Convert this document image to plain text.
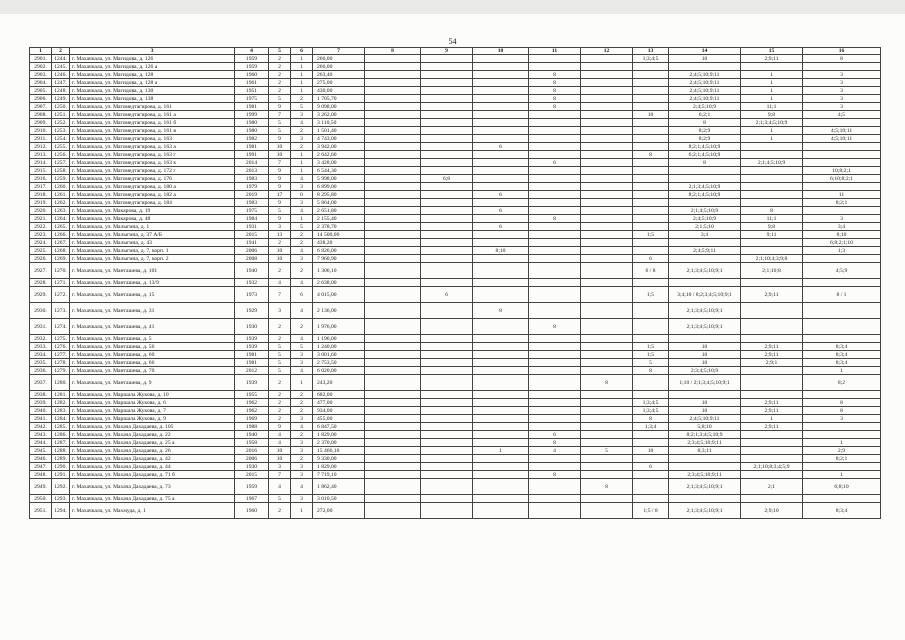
54
1	2	3	4	5	6	7	8	9	10	11	12	13	14	15	16
2901.	1244.	г. Махачкала, ул. Магидова, д. 126	1959	2	1	266,00						1;3;4;5	10	2;9;11	8
2902.	1245.	г. Махачкала, ул. Магидова, д. 126 а	1959	2	1	266,00									
2903.	1246.	г. Махачкала, ул. Магидова, д. 128	1960	2	1	263,40				8			2;4;5;10;9;11	1	3
2904.	1247.	г. Махачкала, ул. Магидова, д. 128 а	1961	2	1	275,00				8			2;4;5;10;9;11	1	3
2905.	1248.	г. Махачкала, ул. Магидова, д. 130	1951	2	1	430,00				8			2;4;5;10;9;11	1	3
2906.	1249.	г. Махачкала, ул. Магидова, д. 138	1975	5	2	1 705,70				8			2;4;5;10;9;11	1	3
2907.	1250.	г. Махачкала, ул. Магомедтагирова, д. 161	1981	9	5	9 098,00				8			2;4;5;10;9	11;1	3
2908.	1251.	г. Махачкала, ул. Магомедтагирова, д. 161 а	1999	7	3	3 262,00						10	6;2;1	9;8	4;5
2909.	1252.	г. Махачкала, ул. Магомедтагирова, д. 161 б	1980	5	4	3 110,50							8	2;1;3;4;5;10;9	
2910.	1253.	г. Махачкала, ул. Магомедтагирова, д. 161 в	1980	5	2	1 501,40							8;2;9	1	4;5;10;11
2911.	1254.	г. Махачкала, ул. Магомедтагирова, д. 163	1982	9	3	4 743,00							8;2;9	1	4;5;10;11
2912.	1255.	г. Махачкала, ул. Магомедтагирова, д. 163 а	1981	10	2	3 942,00			6				8;2;1;4;5;10;9		
2913.	1256.	г. Махачкала, ул. Магомедтагирова, д. 163 г	1991	10	1	2 642,60						8	6;2;1;4;5;10;9		
2914.	1257.	г. Махачкала, ул. Магомедтагирова, д. 163 к	2014	7	1	3 428,00				6			8	2;1;4;5;10;9	
2915.	1258.	г. Махачкала, ул. Магомедтагирова, д. 172 г	2013	9	1	6 544,30									10;8;2;1
2916.	1259.	г. Махачкала, ул. Магомедтагирова, д. 176	1983	9	4	5 998,00		6;8							6;10;8;2;1
2917.	1260.	г. Махачкала, ул. Магомедтагирова, д. 180 а	1979	9	3	6 899,00							2;1;3;4;5;10;9		
2918.	1261.	г. Махачкала, ул. Магомедтагирова, д. 182 а	2019	17	0	8 295,80			6				8;2;1;4;5;10;9		11
2919.	1262.	г. Махачкала, ул. Магомедтагирова, д. 184	1983	9	3	5 864,00									8;2;1
2920.	1263.	г. Махачкала, ул. Макарова, д. 19	1975	5	4	2 651,80			6				2;1;4;5;10;9	8	
2921.	1264.	г. Махачкала, ул. Макарова, д. 48	1984	9	1	2 155,40				8			2;4;5;10;9	11;1	3
2922.	1265.	г. Махачкала, ул. Малыгина, д. 1	1931	3	5	2 378,70			6				2;1;5;10	9;8	3;4
2923.	1266.	г. Махачкала, ул. Малыгина, д. 37 А/Б	2015	13	2	14 500,00						1;5	3;4	9;11	8;10
2924.	1267.	г. Махачкала, ул. Малыгина, д. 43	1941	2	2	438,20									6;8;2;1;10
2925.	1268.	г. Махачкала, ул. Малыгина, д. 7, корп. 1	2006	10	4	6 826,00			8;10				2;4;5;9;11		1;3
2926.	1269.	г. Махачкала, ул. Малыгина, д. 7, корп. 2	2008	10	3	7 960,90						6		2;1;10;4;3;9;8	
2927.	1270.	г. Махачкала, ул. Манташева, д. 101	1940	2	2	1 306,10						6 / 8	2;1;3;4;5;10;9;1	2;1;10;8	4;5;9
2928.	1271.	г. Махачкала, ул. Манташева, д. 13/9	1932	4	4	2 638,00									
2929.	1272.	г. Махачкала, ул. Манташева, д. 15	1973	7	6	4 015,00		6				1;5	3;4;10 / 8;2;3;4;5;10;9;1	2;9;11	8 / 1
2930.	1273.	г. Махачкала, ул. Манташева, д. 31	1929	3	4	2 136,00			8				2;1;3;4;5;10;9;1		
2931.	1274.	г. Махачкала, ул. Манташева, д. 41	1930	2	2	1 976,00				8			2;1;3;4;5;10;9;1		
2932.	1275.	г. Махачкала, ул. Манташева, д. 5	1939	2	4	1 196,00									
2933.	1276.	г. Махачкала, ул. Манташева, д. 56	1939	5	5	1 240,00						1;5	10	2;9;11	8;3;4
2934.	1277.	г. Махачкала, ул. Манташева, д. 60	1981	5	3	3 001,60						1;5	10	2;9;11	8;3;4
2935.	1278.	г. Махачкала, ул. Манташева, д. 66	1981	5	3	2 753,50						5	10	2;9;1	8;3;4
2936.	1279.	г. Махачкала, ул. Манташева, д. 70	2012	5	4	6 020,00						8	2;3;4;5;10;9		1
2937.	1280.	г. Махачкала, ул. Манташева, д. 9	1939	2	1	243,20					8		1;10 / 2;1;3;4;5;10;9;1		8;2
2938.	1281.	г. Махачкала, ул. Маршала Жукова, д. 10	1955	2	2	682,00									
2939.	1282.	г. Махачкала, ул. Маршала Жукова, д. 6	1962	2	2	477,00						1;3;4;5	10	2;9;11	8
2940.	1283.	г. Махачкала, ул. Маршала Жукова, д. 7	1962	2	2	934,00						1;3;4;5	10	2;9;11	8
2941.	1284.	г. Махачкала, ул. Маршала Жукова, д. 9	1969	2	3	455,00						8	2;4;5;10;9;11	1	3
2942.	1285.	г. Махачкала, ул. Махача Дахадаева, д. 105	1988	9	4	6 847,50						1;3;4	5;8;10	2;9;11	
2943.	1286.	г. Махачкала, ул. Махача Дахадаева, д. 22	1940	4	2	1 829,00				6			8;2;1;3;4;5;10;9		
2944.	1287.	г. Махачкала, ул. Махача Дахадаева, д. 25 а	1958	4	3	2 370,00				8			2;3;4;5;10;9;11		1
2945.	1288.	г. Махачкала, ул. Махача Дахадаева, д. 26	2016	10	3	15 466,10			1	4	5	10	8;3;11		2;9
2946.	1289.	г. Махачкала, ул. Махача Дахадаева, д. 42	2006	10	2	9 330,00									8;2;1
2947.	1290.	г. Махачкала, ул. Махача Дахадаева, д. 44	1930	3	3	1 829,00						6		2;1;10;8;3;4;5;9	
2948.	1291.	г. Махачкала, ул. Махача Дахадаева, д. 71 б	2015	7	3	7 719,10				8			2;3;4;5;10;9;11		1
2949.	1292.	г. Махачкала, ул. Махача Дахадаева, д. 73	1959	4	4	1 862,40					8		2;1;3;4;5;10;9;1	2;1	6;8;10
2950.	1293.	г. Махачкала, ул. Махача Дахадаева, д. 75 а	1967	5	3	3 010,50									
2951.	1294.	г. Махачкала, ул. Махмуда, д. 1	1960	2	1	272,00						1;5 / 8	2;1;3;4;5;10;9;1	2;9;10	8;3;4
